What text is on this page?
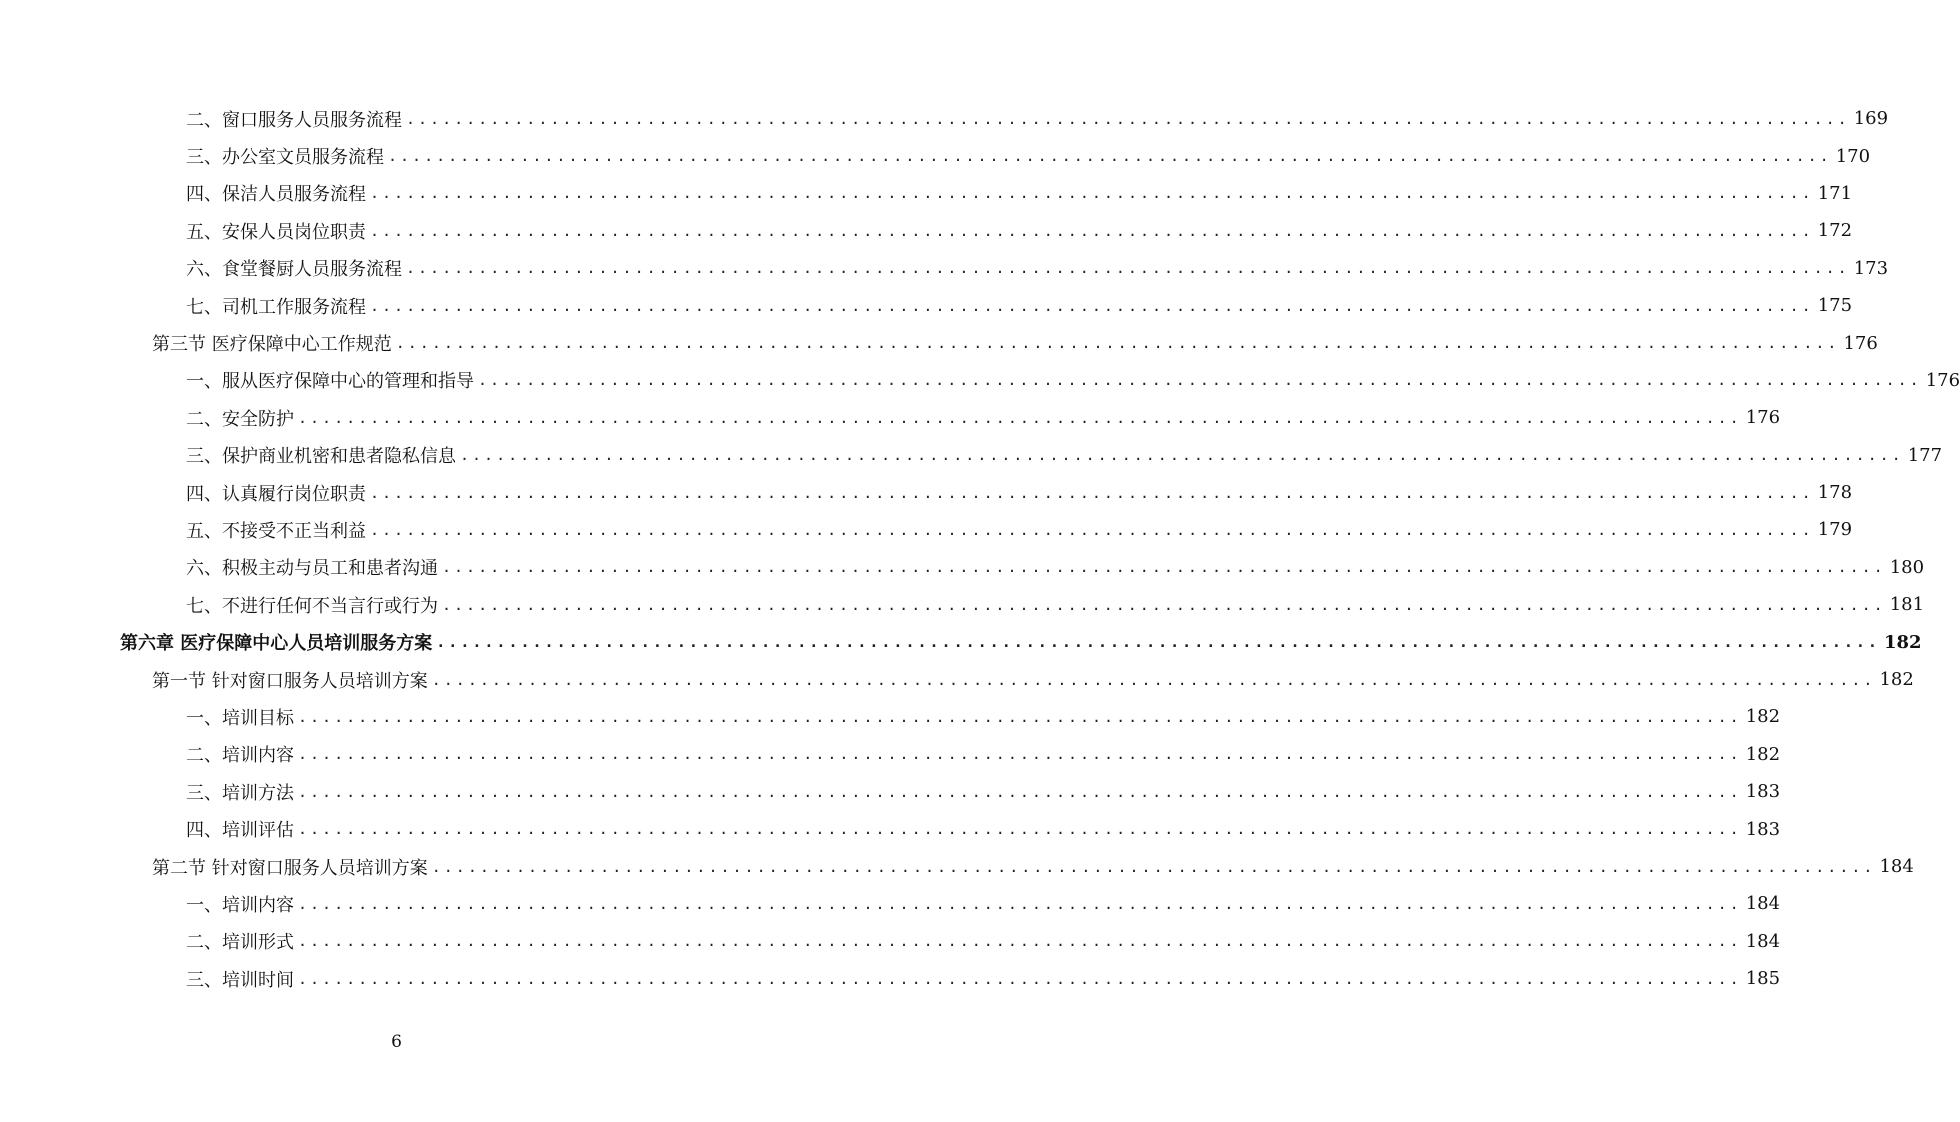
二、窗口服务人员服务流程 ........................................................................................................................ 169
三、办公室文员服务流程 ........................................................................................................................ 170
四、保洁人员服务流程 ........................................................................................................................ 171
五、安保人员岗位职责 ........................................................................................................................ 172
六、食堂餐厨人员服务流程 ........................................................................................................................ 173
七、司机工作服务流程 ........................................................................................................................ 175
第三节 医疗保障中心工作规范 ........................................................................................................................ 176
一、服从医疗保障中心的管理和指导 ........................................................................................................................ 176
二、安全防护 ........................................................................................................................ 176
三、保护商业机密和患者隐私信息 ........................................................................................................................ 177
四、认真履行岗位职责 ........................................................................................................................ 178
五、不接受不正当利益 ........................................................................................................................ 179
六、积极主动与员工和患者沟通 ........................................................................................................................ 180
七、不进行任何不当言行或行为 ........................................................................................................................ 181
第六章 医疗保障中心人员培训服务方案 ........................................................................................................................ 182
第一节 针对窗口服务人员培训方案 ........................................................................................................................ 182
一、培训目标 ........................................................................................................................ 182
二、培训内容 ........................................................................................................................ 182
三、培训方法 ........................................................................................................................ 183
四、培训评估 ........................................................................................................................ 183
第二节 针对窗口服务人员培训方案 ........................................................................................................................ 184
一、培训内容 ........................................................................................................................ 184
二、培训形式 ........................................................................................................................ 184
三、培训时间 ........................................................................................................................ 185
6
